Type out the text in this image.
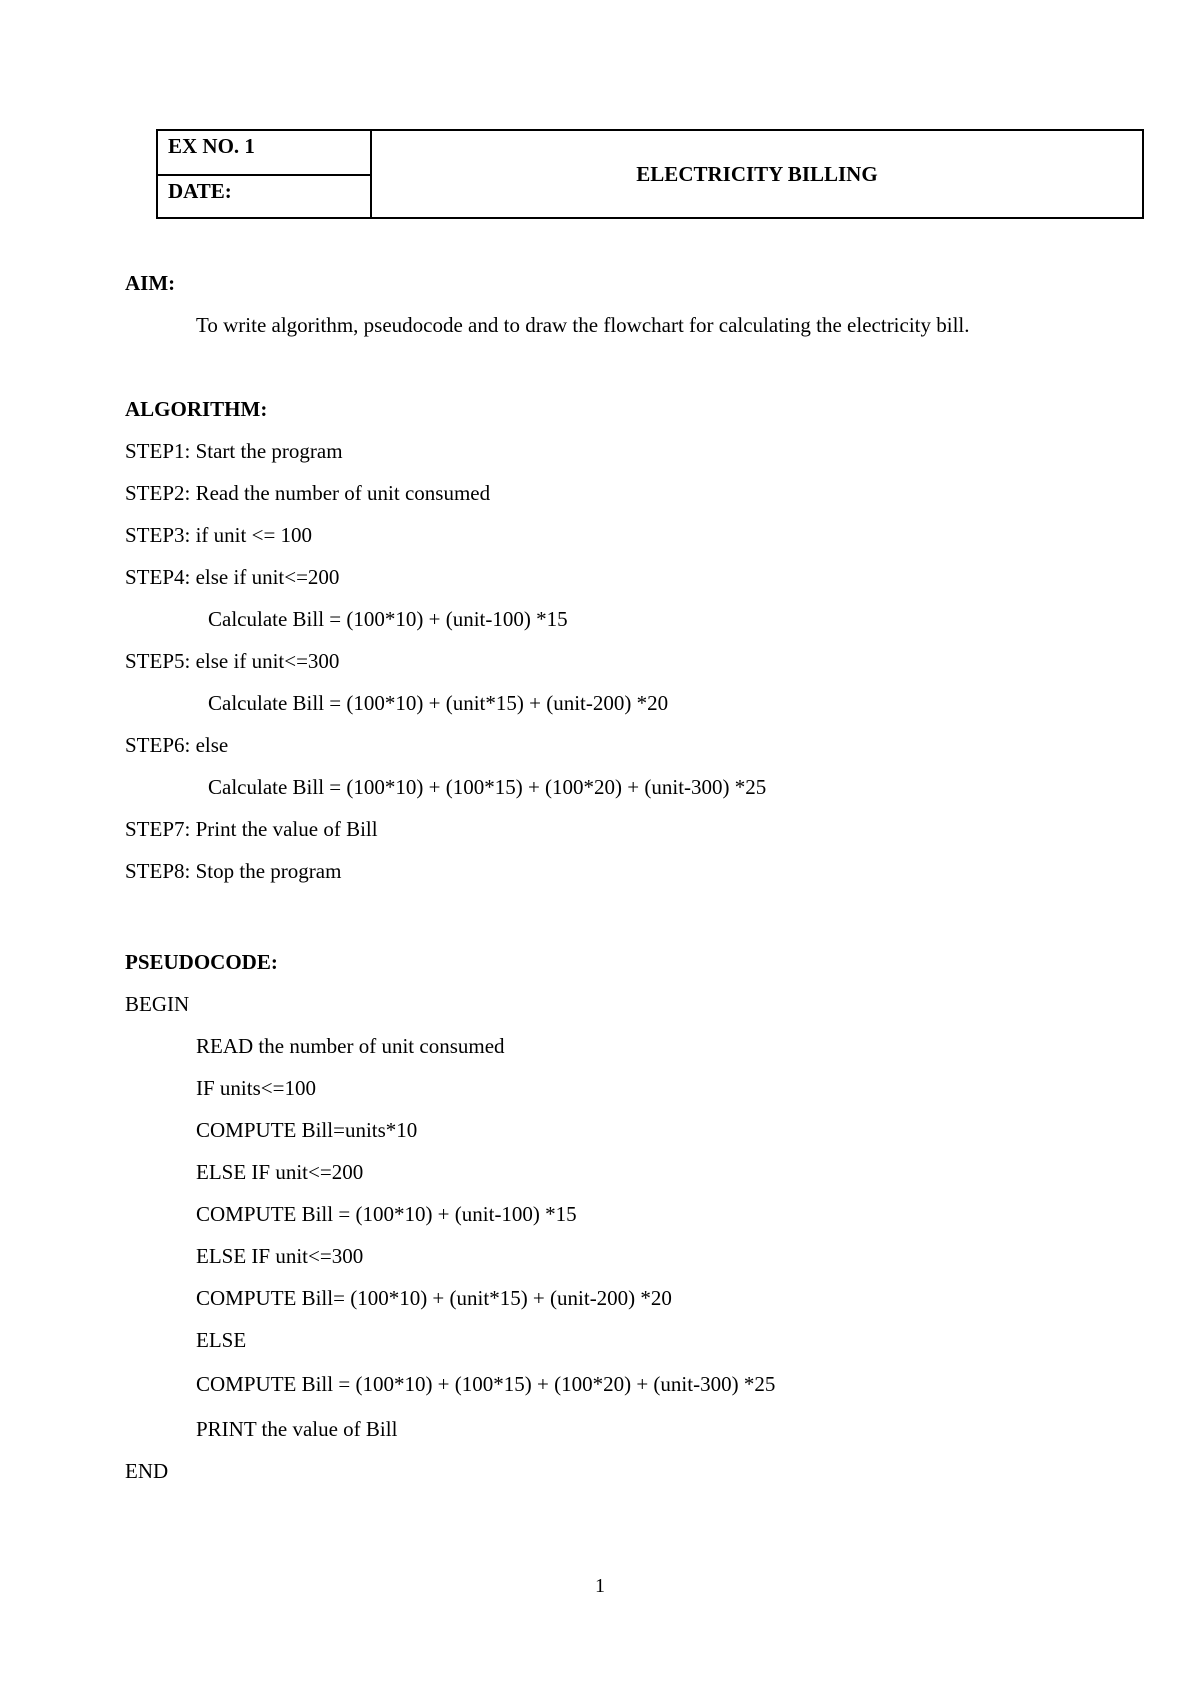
EX NO. 1
DATE:
ELECTRICITY BILLING
AIM:
To write algorithm, pseudocode and to draw the flowchart for calculating the electricity bill.
ALGORITHM:
STEP1: Start the program
STEP2: Read the number of unit consumed
STEP3: if unit <= 100
STEP4: else if unit<=200
Calculate Bill = (100*10) + (unit-100) *15
STEP5: else if unit<=300
Calculate Bill = (100*10) + (unit*15) + (unit-200) *20
STEP6: else
Calculate Bill = (100*10) + (100*15) + (100*20) + (unit-300) *25
STEP7: Print the value of Bill
STEP8: Stop the program
PSEUDOCODE:
BEGIN
READ the number of unit consumed
IF units<=100
COMPUTE Bill=units*10
ELSE IF unit<=200
COMPUTE Bill = (100*10) + (unit-100) *15
ELSE IF unit<=300
COMPUTE Bill= (100*10) + (unit*15) + (unit-200) *20
ELSE
COMPUTE Bill = (100*10) + (100*15) + (100*20) + (unit-300) *25
PRINT the value of Bill
END
1
